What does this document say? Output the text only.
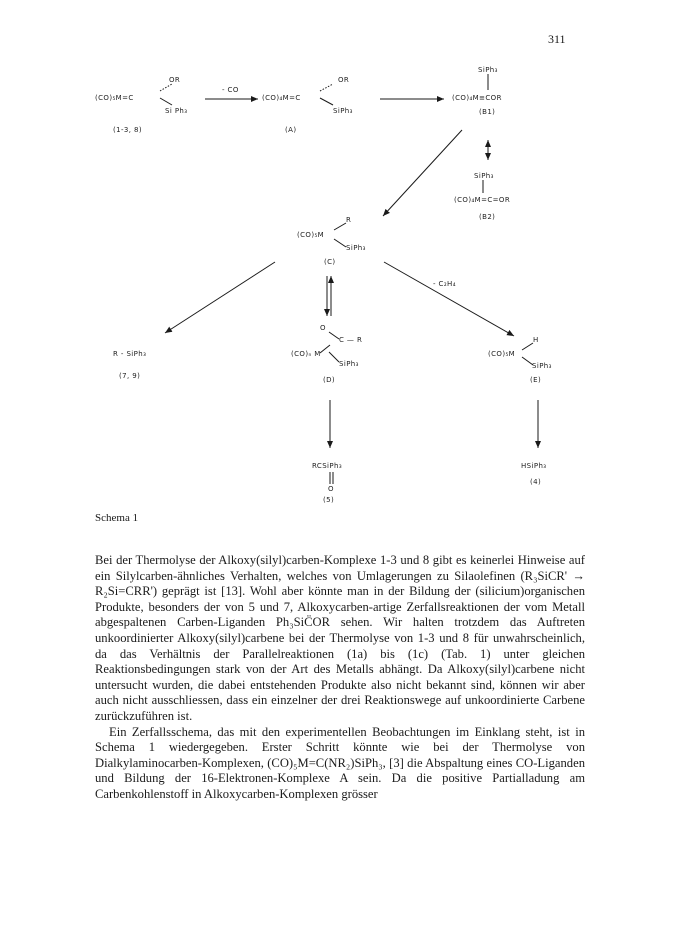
311
OR
(CO)₅M=C
Si Ph₃
(1-3, 8)
- CO
OR
(CO)₄M=C
SiPh₃
(A)
SiPh₃
(CO)₄M≡COR
(B1)
SiPh₃
(CO)₄M=C=OR
(B2)
R
(CO)₅M
SiPh₃
(C)
- C₂H₄
R - SiPh₃
(7, 9)
O
C — R
(CO)ₙ M
SiPh₃
(D)
H
(CO)₅M
SiPh₃
(E)
RCSiPh₃
O
(5)
HSiPh₃
(4)
Schema 1

Bei der Thermolyse der Alkoxy(silyl)carben-Komplexe 1-3 und 8 gibt es keinerlei Hinweise auf ein Silylcarben-ähnliches Verhalten, welches von Umlagerungen zu Silaolefinen (R₃SiCR' → R₂Si=CRR') geprägt ist [13]. Wohl aber könnte man in der Bildung der (silicium)organischen Produkte, besonders der von 5 und 7, Alkoxycarben-artige Zerfallsreaktionen der vom Metall abgespaltenen Carben-Liganden Ph₃SiC̈OR sehen. Wir halten trotzdem das Auftreten unkoordinierter Alkoxy(silyl)carbene bei der Thermolyse von 1-3 und 8 für unwahrscheinlich, da das Verhältnis der Parallelreaktionen (1a) bis (1c) (Tab. 1) unter gleichen Reaktionsbedingungen stark von der Art des Metalls abhängt. Da Alkoxy(silyl)carbene nicht untersucht wurden, die dabei entstehenden Produkte also nicht bekannt sind, können wir aber auch nicht ausschliessen, dass ein einzelner der drei Reaktionswege auf unkoordinierte Carbene zurückzuführen ist.

Ein Zerfallsschema, das mit den experimentellen Beobachtungen im Einklang steht, ist in Schema 1 wiedergegeben. Erster Schritt könnte wie bei der Thermolyse von Dialkylaminocarben-Komplexen, (CO)₅M=C(NR₂)SiPh₃, [3] die Abspaltung eines CO-Liganden und Bildung der 16-Elektronen-Komplexe A sein. Da die positive Partialladung am Carbenkohlenstoff in Alkoxycarben-Komplexen grösser
